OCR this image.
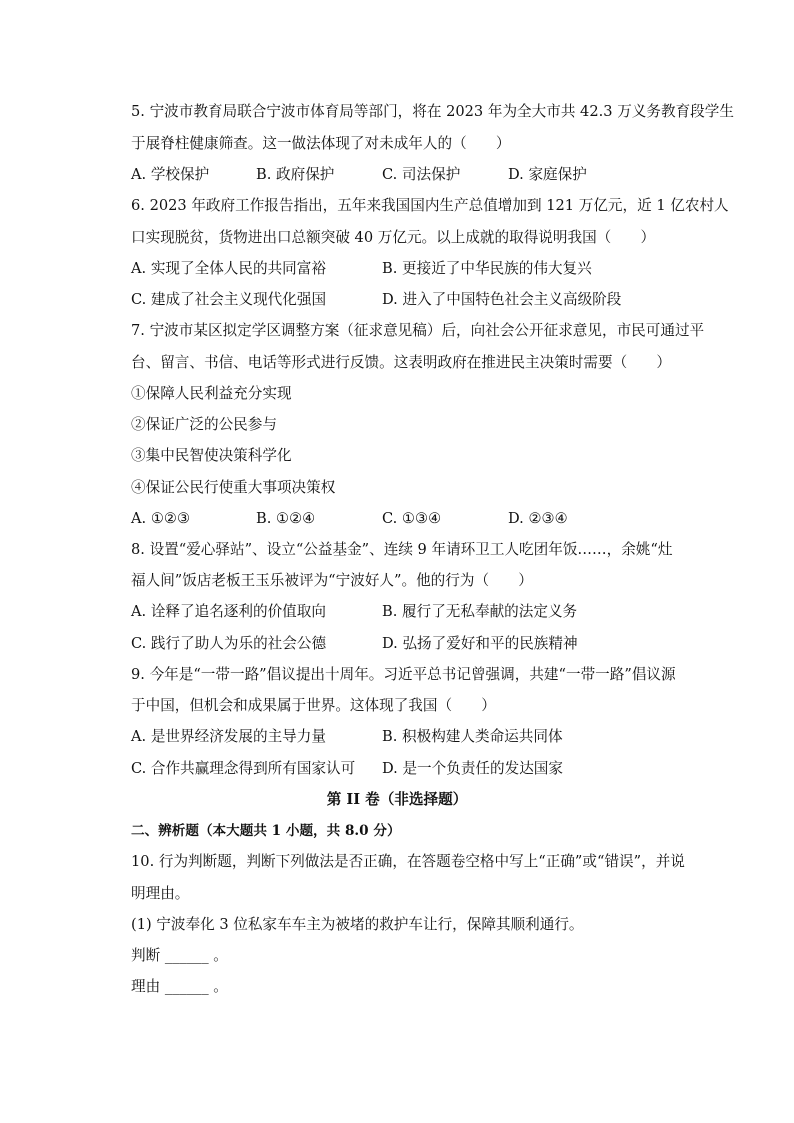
5. 宁波市教育局联合宁波市体育局等部门，将在 2023 年为全大市共 42.3 万义务教育段学生
于展脊柱健康筛查。这一做法体现了对未成年人的（　　）
A. 学校保护	B. 政府保护	C. 司法保护	D. 家庭保护
6. 2023 年政府工作报告指出，五年来我国国内生产总值增加到 121 万亿元，近 1 亿农村人
口实现脱贫，货物进出口总额突破 40 万亿元。以上成就的取得说明我国（　　）
A. 实现了全体人民的共同富裕	B. 更接近了中华民族的伟大复兴
C. 建成了社会主义现代化强国	D. 进入了中国特色社会主义高级阶段
7. 宁波市某区拟定学区调整方案（征求意见稿）后，向社会公开征求意见，市民可通过平
台、留言、书信、电话等形式进行反馈。这表明政府在推进民主决策时需要（　　）
①保障人民利益充分实现
②保证广泛的公民参与
③集中民智使决策科学化
④保证公民行使重大事项决策权
A. ①②③	B. ①②④	C. ①③④	D. ②③④
8. 设置“爱心驿站”、设立“公益基金”、连续 9 年请环卫工人吃团年饭……，余姚“灶
福人间”饭店老板王玉乐被评为“宁波好人”。他的行为（　　）
A. 诠释了追名逐利的价值取向	B. 履行了无私奉献的法定义务
C. 践行了助人为乐的社会公德	D. 弘扬了爱好和平的民族精神
9. 今年是“一带一路”倡议提出十周年。习近平总书记曾强调，共建“一带一路”倡议源
于中国，但机会和成果属于世界。这体现了我国（　　）
A. 是世界经济发展的主导力量	B. 积极构建人类命运共同体
C. 合作共赢理念得到所有国家认可 D. 是一个负责任的发达国家
第 II 卷（非选择题）
二、辨析题（本大题共 1 小题，共 8.0 分）
10. 行为判断题，判断下列做法是否正确，在答题卷空格中写上“正确”或“错误”，并说
明理由。
(1) 宁波奉化 3 位私家车车主为被堵的救护车让行，保障其顺利通行。
判断 ______ 。
理由 ______ 。
